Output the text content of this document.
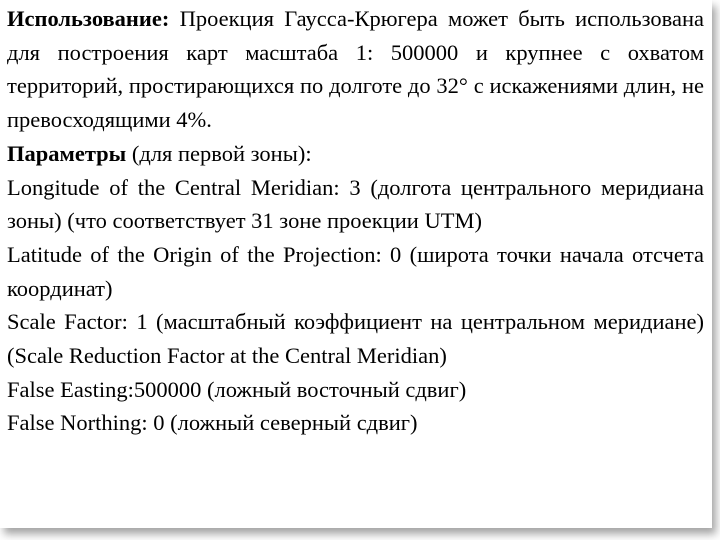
Использование: Проекция Гаусса-Крюгера может быть использована для построения карт масштаба 1: 500000 и крупнее с охватом территорий, простирающихся по долготе до 32° с искажениями длин, не превосходящими 4%.

Параметры (для первой зоны):

Longitude of the Central Meridian: 3 (долгота центрального меридиана зоны) (что соответствует 31 зоне проекции UTM)

Latitude of the Origin of the Projection: 0 (широта точки начала отсчета координат)

Scale Factor: 1 (масштабный коэффициент на центральном меридиане) (Scale Reduction Factor at the Central Meridian)

False Easting:500000 (ложный восточный сдвиг)

False Northing: 0 (ложный северный сдвиг)
